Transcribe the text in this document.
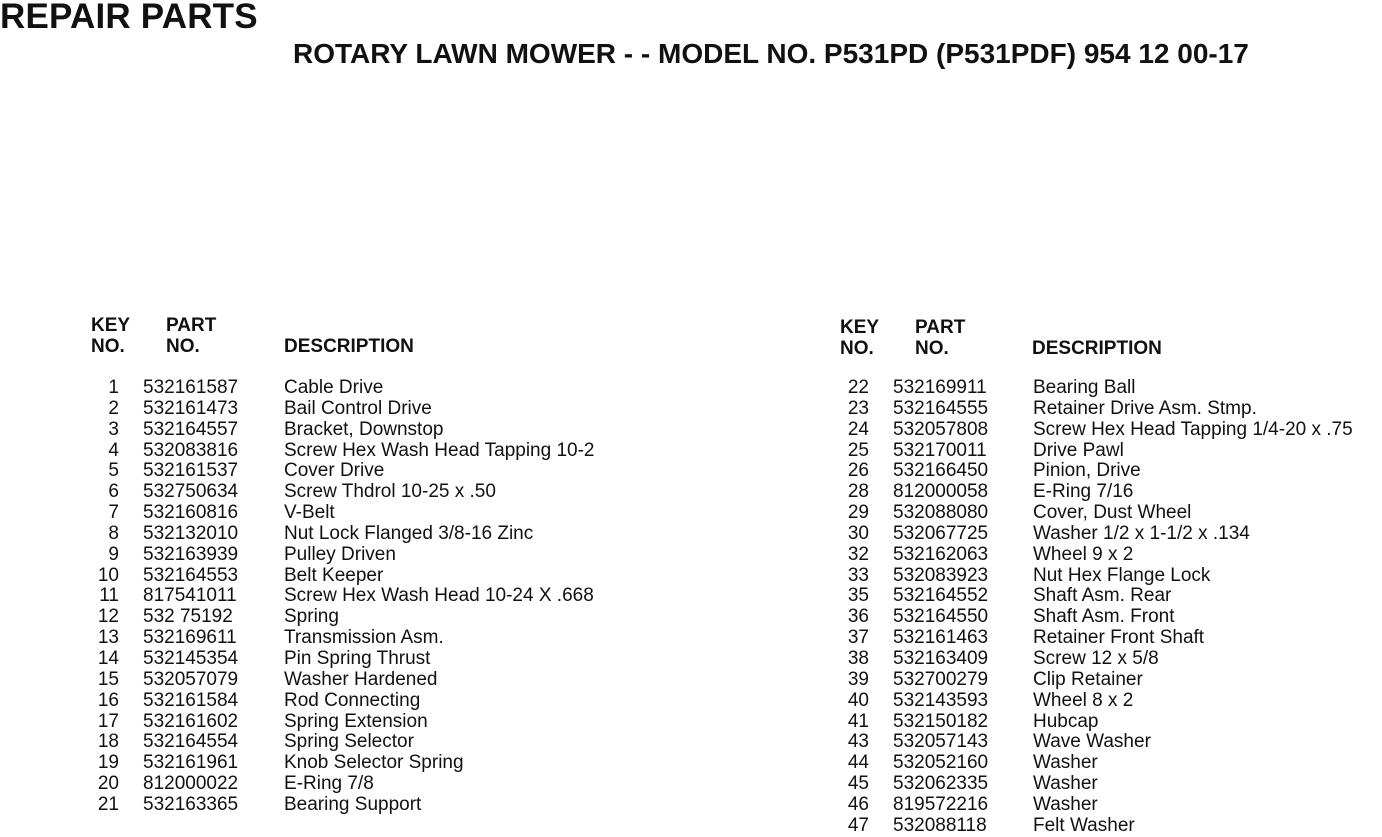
REPAIR PARTS
ROTARY LAWN MOWER - - MODEL NO. P531PD (P531PDF) 954 12 00-17
KEY
NO.
PART
NO.	DESCRIPTION
KEY
NO.
PART
NO.	DESCRIPTION
1 532161587 Cable Drive
2 532161473 Bail Control Drive
3 532164557 Bracket, Downstop
4 532083816 Screw Hex Wash Head Tapping 10-2
5 532161537 Cover Drive
6 532750634 Screw Thdrol 10-25 x .50
7 532160816 V-Belt
8 532132010 Nut Lock Flanged 3/8-16 Zinc
9 532163939 Pulley Driven
10 532164553 Belt Keeper
11 817541011 Screw Hex Wash Head 10-24 X .668
12 532 75192	Spring
13 532169611 Transmission Asm.
14 532145354 Pin Spring Thrust
15 532057079 Washer Hardened
16 532161584 Rod Connecting
17 532161602 Spring Extension
18 532164554 Spring Selector
19 532161961 Knob Selector Spring
20 812000022 E-Ring 7/8
21 532163365 Bearing Support
22 532169911 Bearing Ball
23 532164555 Retainer Drive Asm. Stmp.
24 532057808 Screw Hex Head Tapping 1/4-20 x .75
25 532170011 Drive Pawl
26 532166450 Pinion, Drive
28 812000058 E-Ring 7/16
29 532088080 Cover, Dust Wheel
30 532067725 Washer 1/2 x 1-1/2 x .134
32 532162063 Wheel 9 x 2
33 532083923 Nut Hex Flange Lock
35 532164552 Shaft Asm. Rear
36 532164550 Shaft Asm. Front
37 532161463 Retainer Front Shaft
38 532163409 Screw 12 x 5/8
39 532700279 Clip Retainer
40 532143593 Wheel 8 x 2
41 532150182 Hubcap
43 532057143 Wave Washer
44 532052160 Washer
45 532062335 Washer
46 819572216 Washer
47 532088118 Felt Washer
